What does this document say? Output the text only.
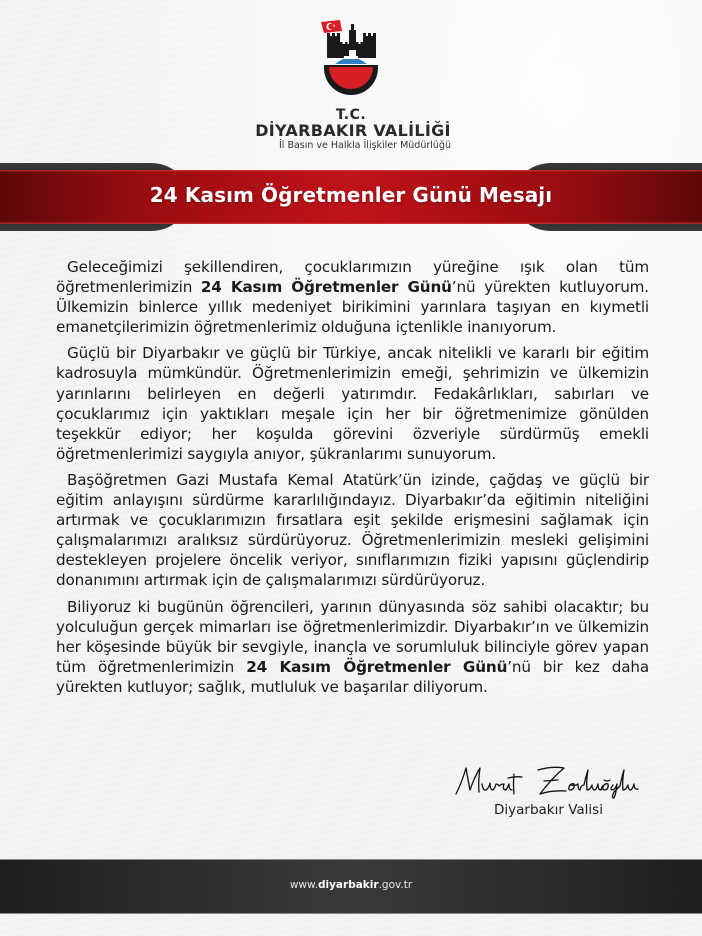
T.C.
DİYARBAKIR VALİLİĞİ
İl Basın ve Halkla İlişkiler Müdürlüğü
24 Kasım Öğretmenler Günü Mesajı

Geleceğimizi şekillendiren, çocuklarımızın yüreğine ışık olan tüm öğretmenlerimizin 24 Kasım Öğretmenler Günü’nü yürekten kutluyorum. Ülkemizin binlerce yıllık medeniyet birikimini yarınlara taşıyan en kıymetli emanetçilerimizin öğretmenlerimiz olduğuna içtenlikle inanıyorum.

Güçlü bir Diyarbakır ve güçlü bir Türkiye, ancak nitelikli ve kararlı bir eğitim kadrosuyla mümkündür. Öğretmenlerimizin emeği, şehrimizin ve ülkemizin yarınlarını belirleyen en değerli yatırımdır. Fedakârlıkları, sabırları ve çocuklarımız için yaktıkları meşale için her bir öğretmenimize gönülden teşekkür ediyor; her koşulda görevini özveriyle sürdürmüş emekli öğretmenlerimizi saygıyla anıyor, şükranlarımı sunuyorum.

Başöğretmen Gazi Mustafa Kemal Atatürk’ün izinde, çağdaş ve güçlü bir eğitim anlayışını sürdürme kararlılığındayız. Diyarbakır’da eğitimin niteliğini artırmak ve çocuklarımızın fırsatlara eşit şekilde erişmesini sağlamak için çalışmalarımızı aralıksız sürdürüyoruz. Öğretmenlerimizin mesleki gelişimini destekleyen projelere öncelik veriyor, sınıflarımızın fiziki yapısını güçlendirip donanımını artırmak için de çalışmalarımızı sürdürüyoruz.

Biliyoruz ki bugünün öğrencileri, yarının dünyasında söz sahibi olacaktır; bu yolculuğun gerçek mimarları ise öğretmenlerimizdir. Diyarbakır’ın ve ülkemizin her köşesinde büyük bir sevgiyle, inançla ve sorumluluk bilinciyle görev yapan tüm öğretmenlerimizin 24 Kasım Öğretmenler Günü’nü bir kez daha yürekten kutluyor; sağlık, mutluluk ve başarılar diliyorum.

Diyarbakır Valisi
www.diyarbakir.gov.tr
